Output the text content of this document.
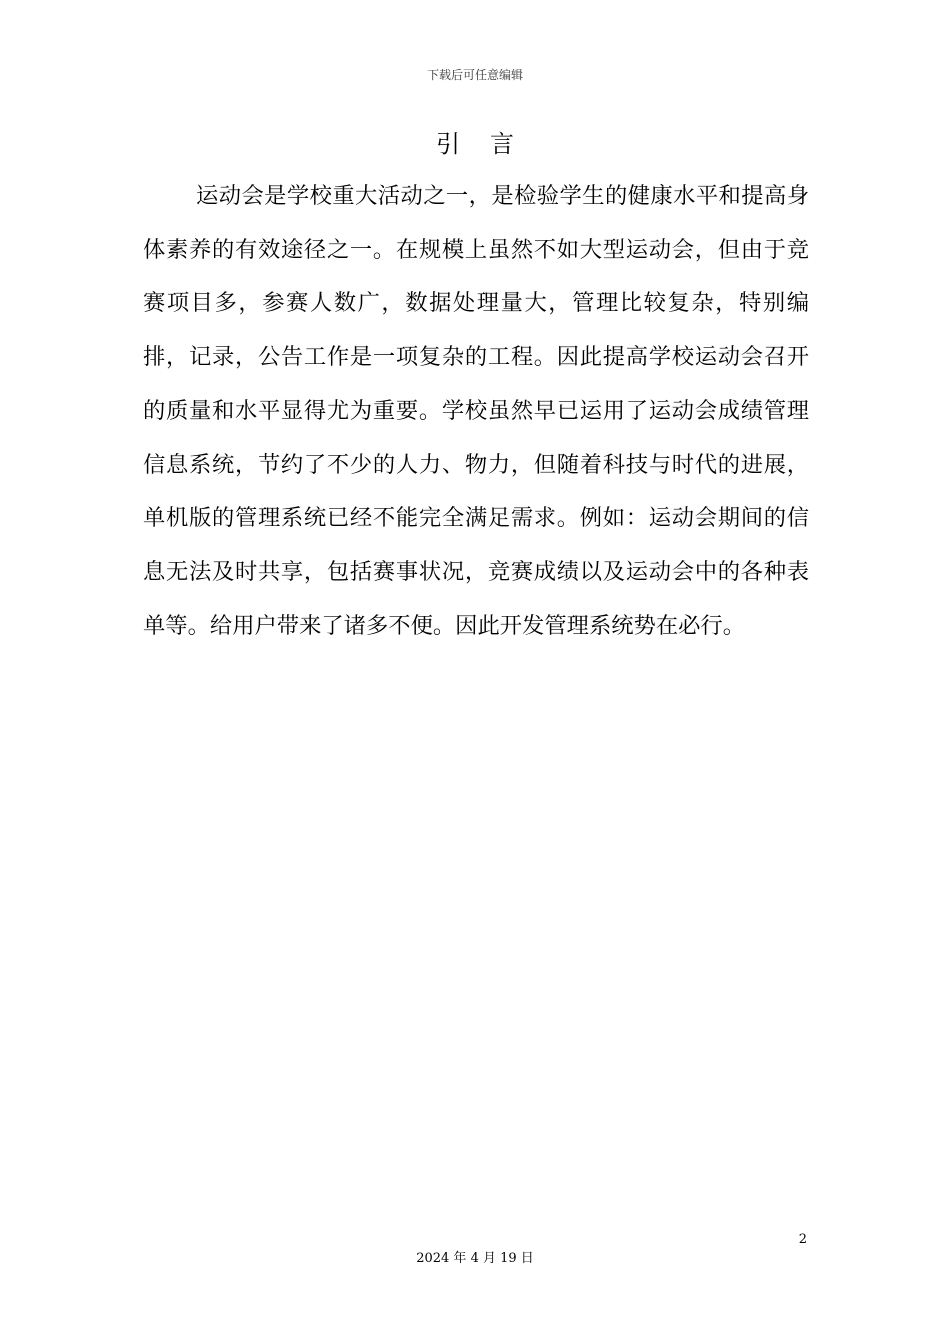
下载后可任意编辑
引言

运动会是学校重大活动之一，是检验学生的健康水平和提高身体素养的有效途径之一。在规模上虽然不如大型运动会，但由于竞赛项目多，参赛人数广，数据处理量大，管理比较复杂，特别编排，记录，公告工作是一项复杂的工程。因此提高学校运动会召开的质量和水平显得尤为重要。学校虽然早已运用了运动会成绩管理信息系统，节约了不少的人力、物力，但随着科技与时代的进展，单机版的管理系统已经不能完全满足需求。例如：运动会期间的信息无法及时共享，包括赛事状况，竞赛成绩以及运动会中的各种表单等。给用户带来了诸多不便。因此开发管理系统势在必行。

2
2024 年 4 月 19 日
